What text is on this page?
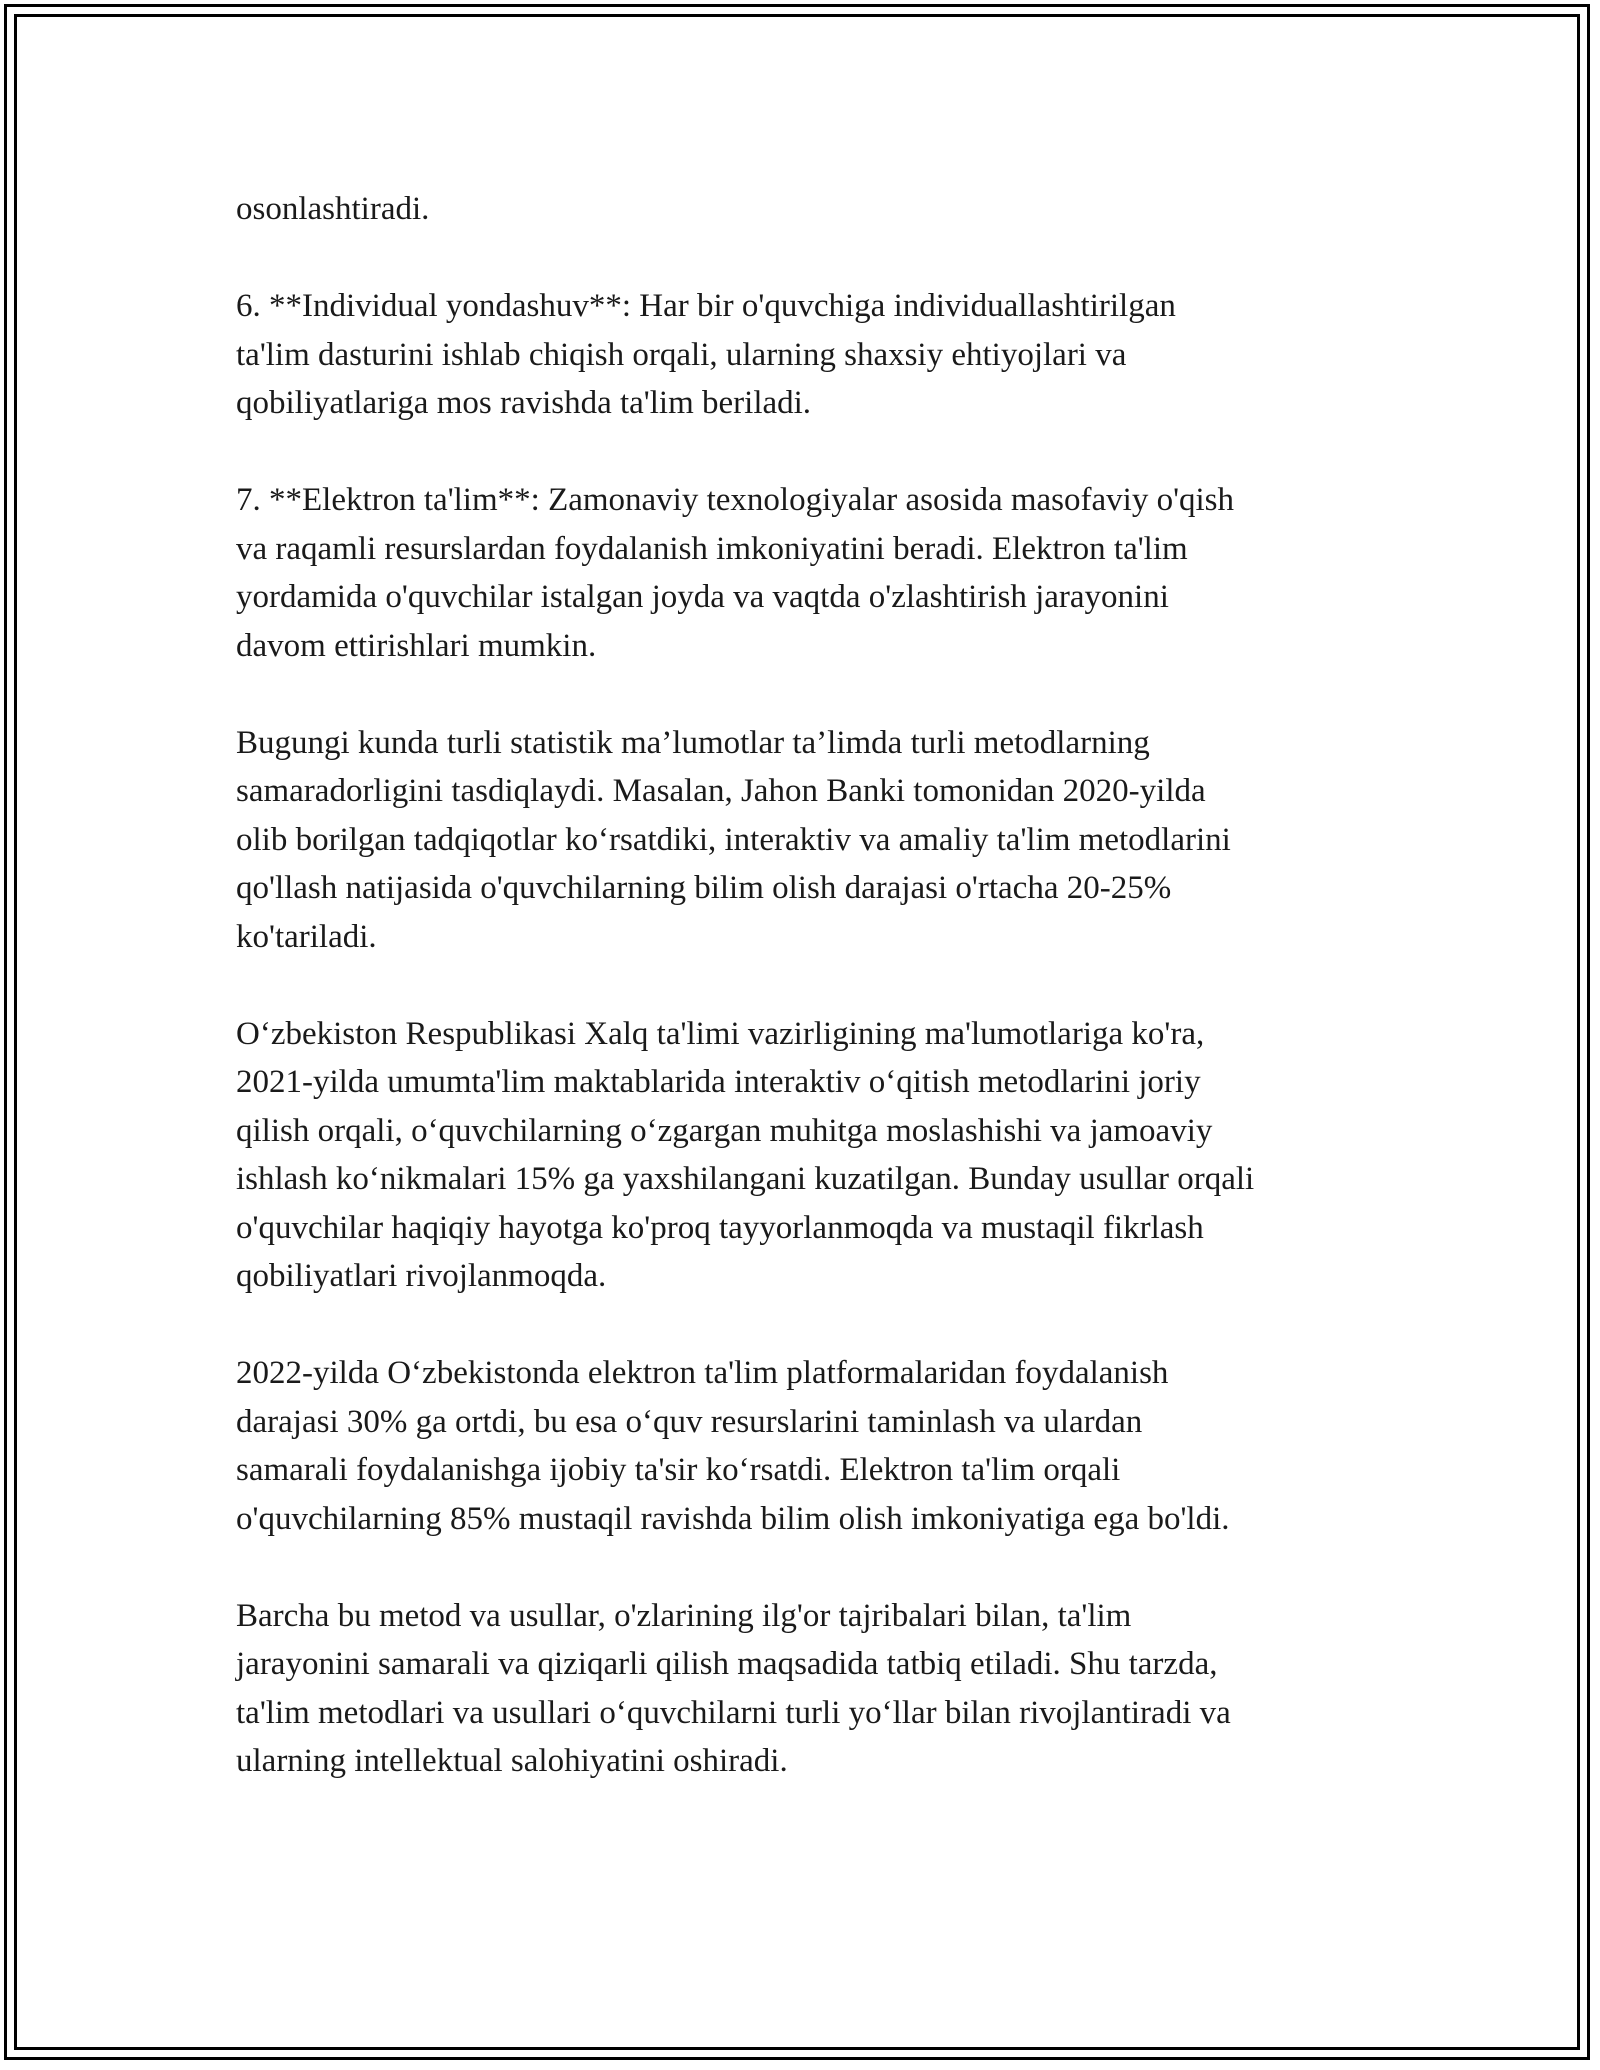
osonlashtiradi.

6. **Individual yondashuv**: Har bir o'quvchiga individuallashtirilgan
ta'lim dasturini ishlab chiqish orqali, ularning shaxsiy ehtiyojlari va
qobiliyatlariga mos ravishda ta'lim beriladi.

7. **Elektron ta'lim**: Zamonaviy texnologiyalar asosida masofaviy o'qish
va raqamli resurslardan foydalanish imkoniyatini beradi. Elektron ta'lim
yordamida o'quvchilar istalgan joyda va vaqtda o'zlashtirish jarayonini
davom ettirishlari mumkin.

Bugungi kunda turli statistik ma’lumotlar ta’limda turli metodlarning
samaradorligini tasdiqlaydi. Masalan, Jahon Banki tomonidan 2020-yilda
olib borilgan tadqiqotlar ko‘rsatdiki, interaktiv va amaliy ta'lim metodlarini
qo'llash natijasida o'quvchilarning bilim olish darajasi o'rtacha 20-25%
ko'tariladi.

O‘zbekiston Respublikasi Xalq ta'limi vazirligining ma'lumotlariga ko'ra,
2021-yilda umumta'lim maktablarida interaktiv o‘qitish metodlarini joriy
qilish orqali, o‘quvchilarning o‘zgargan muhitga moslashishi va jamoaviy
ishlash ko‘nikmalari 15% ga yaxshilangani kuzatilgan. Bunday usullar orqali
o'quvchilar haqiqiy hayotga ko'proq tayyorlanmoqda va mustaqil fikrlash
qobiliyatlari rivojlanmoqda.

2022-yilda O‘zbekistonda elektron ta'lim platformalaridan foydalanish
darajasi 30% ga ortdi, bu esa o‘quv resurslarini taminlash va ulardan
samarali foydalanishga ijobiy ta'sir ko‘rsatdi. Elektron ta'lim orqali
o'quvchilarning 85% mustaqil ravishda bilim olish imkoniyatiga ega bo'ldi.

Barcha bu metod va usullar, o'zlarining ilg'or tajribalari bilan, ta'lim
jarayonini samarali va qiziqarli qilish maqsadida tatbiq etiladi. Shu tarzda,
ta'lim metodlari va usullari o‘quvchilarni turli yo‘llar bilan rivojlantiradi va
ularning intellektual salohiyatini oshiradi.
